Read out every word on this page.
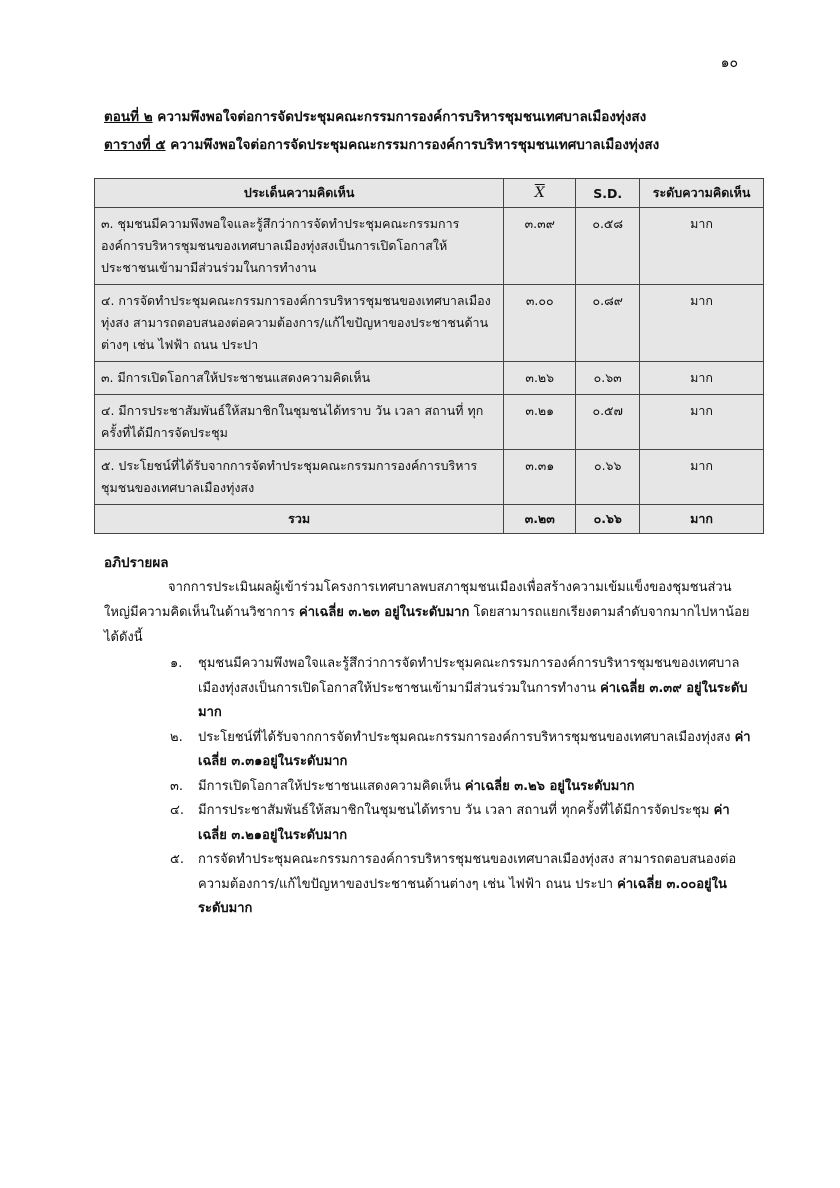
๑๐
ตอนที่ ๒ ความพึงพอใจต่อการจัดประชุมคณะกรรมการองค์การบริหารชุมชนเทศบาลเมืองทุ่งสง
ตารางที่ ๕ ความพึงพอใจต่อการจัดประชุมคณะกรรมการองค์การบริหารชุมชนเทศบาลเมืองทุ่งสง
ประเด็นความคิดเห็น	$\overline{X}$	S.D.	ระดับความคิดเห็น
๓. ชุมชนมีความพึงพอใจและรู้สึกว่าการจัดทำประชุมคณะกรรมการองค์การบริหารชุมชนของเทศบาลเมืองทุ่งสงเป็นการเปิดโอกาสให้ประชาชนเข้ามามีส่วนร่วมในการทำงาน	๓.๓๙	๐.๕๘	มาก
๔. การจัดทำประชุมคณะกรรมการองค์การบริหารชุมชนของเทศบาลเมืองทุ่งสง สามารถตอบสนองต่อความต้องการ/แก้ไขปัญหาของประชาชนด้านต่างๆ เช่น ไฟฟ้า ถนน ประปา	๓.๐๐	๐.๘๙	มาก
๓. มีการเปิดโอกาสให้ประชาชนแสดงความคิดเห็น	๓.๒๖	๐.๖๓	มาก
๔. มีการประชาสัมพันธ์ให้สมาชิกในชุมชนได้ทราบ วัน เวลา สถานที่ ทุกครั้งที่ได้มีการจัดประชุม	๓.๒๑	๐.๕๗	มาก
๕. ประโยชน์ที่ได้รับจากการจัดทำประชุมคณะกรรมการองค์การบริหารชุมชนของเทศบาลเมืองทุ่งสง	๓.๓๑	๐.๖๖	มาก
รวม	๓.๒๓	๐.๖๖	มาก
อภิปรายผล
จากการประเมินผลผู้เข้าร่วมโครงการเทศบาลพบสภาชุมชนเมืองเพื่อสร้างความเข้มแข็งของชุมชนส่วนใหญ่มีความคิดเห็นในด้านวิชาการ ค่าเฉลี่ย ๓.๒๓ อยู่ในระดับมาก โดยสามารถแยกเรียงตามลำดับจากมากไปหาน้อย ได้ดังนี้
๑. ชุมชนมีความพึงพอใจและรู้สึกว่าการจัดทำประชุมคณะกรรมการองค์การบริหารชุมชนของเทศบาลเมืองทุ่งสงเป็นการเปิดโอกาสให้ประชาชนเข้ามามีส่วนร่วมในการทำงาน ค่าเฉลี่ย ๓.๓๙ อยู่ในระดับมาก
๒. ประโยชน์ที่ได้รับจากการจัดทำประชุมคณะกรรมการองค์การบริหารชุมชนของเทศบาลเมืองทุ่งสง ค่าเฉลี่ย ๓.๓๑อยู่ในระดับมาก
๓. มีการเปิดโอกาสให้ประชาชนแสดงความคิดเห็น ค่าเฉลี่ย ๓.๒๖ อยู่ในระดับมาก
๔. มีการประชาสัมพันธ์ให้สมาชิกในชุมชนได้ทราบ วัน เวลา สถานที่ ทุกครั้งที่ได้มีการจัดประชุม ค่าเฉลี่ย ๓.๒๑อยู่ในระดับมาก
๕. การจัดทำประชุมคณะกรรมการองค์การบริหารชุมชนของเทศบาลเมืองทุ่งสง สามารถตอบสนองต่อความต้องการ/แก้ไขปัญหาของประชาชนด้านต่างๆ เช่น ไฟฟ้า ถนน ประปา ค่าเฉลี่ย ๓.๐๐อยู่ในระดับมาก
